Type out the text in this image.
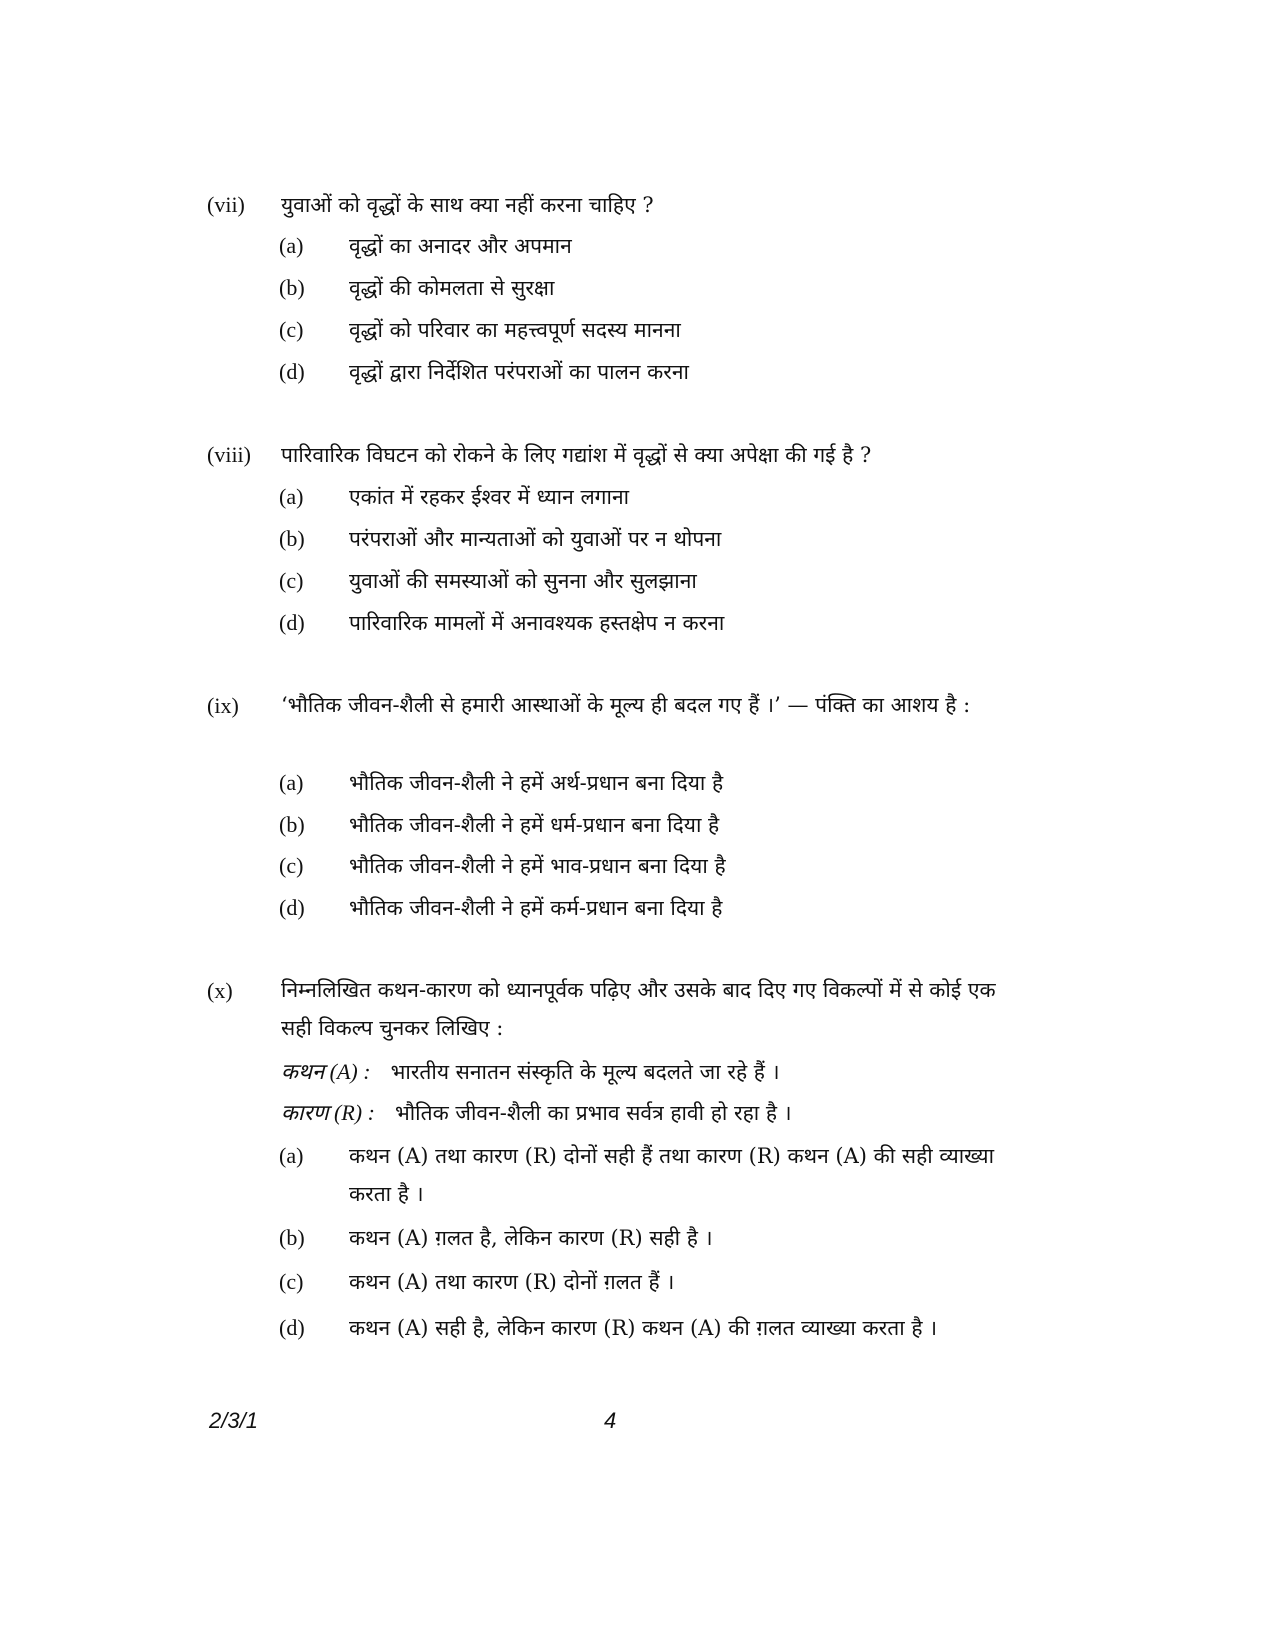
(vii) युवाओं को वृद्धों के साथ क्या नहीं करना चाहिए ?
(a) वृद्धों का अनादर और अपमान
(b) वृद्धों की कोमलता से सुरक्षा
(c) वृद्धों को परिवार का महत्त्वपूर्ण सदस्य मानना
(d) वृद्धों द्वारा निर्देशित परंपराओं का पालन करना
(viii) पारिवारिक विघटन को रोकने के लिए गद्यांश में वृद्धों से क्या अपेक्षा की गई है ?
(a) एकांत में रहकर ईश्वर में ध्यान लगाना
(b) परंपराओं और मान्यताओं को युवाओं पर न थोपना
(c) युवाओं की समस्याओं को सुनना और सुलझाना
(d) पारिवारिक मामलों में अनावश्यक हस्तक्षेप न करना
(ix) ‘भौतिक जीवन-शैली से हमारी आस्थाओं के मूल्य ही बदल गए हैं ।’ — पंक्ति का आशय है :
(a) भौतिक जीवन-शैली ने हमें अर्थ-प्रधान बना दिया है
(b) भौतिक जीवन-शैली ने हमें धर्म-प्रधान बना दिया है
(c) भौतिक जीवन-शैली ने हमें भाव-प्रधान बना दिया है
(d) भौतिक जीवन-शैली ने हमें कर्म-प्रधान बना दिया है
(x) निम्नलिखित कथन-कारण को ध्यानपूर्वक पढ़िए और उसके बाद दिए गए विकल्पों में से कोई एक सही विकल्प चुनकर लिखिए :
कथन (A) : भारतीय सनातन संस्कृति के मूल्य बदलते जा रहे हैं ।
कारण (R) : भौतिक जीवन-शैली का प्रभाव सर्वत्र हावी हो रहा है ।
(a) कथन (A) तथा कारण (R) दोनों सही हैं तथा कारण (R) कथन (A) की सही व्याख्या करता है ।
(b) कथन (A) ग़लत है, लेकिन कारण (R) सही है ।
(c) कथन (A) तथा कारण (R) दोनों ग़लत हैं ।
(d) कथन (A) सही है, लेकिन कारण (R) कथन (A) की ग़लत व्याख्या करता है ।
2/3/1	4
